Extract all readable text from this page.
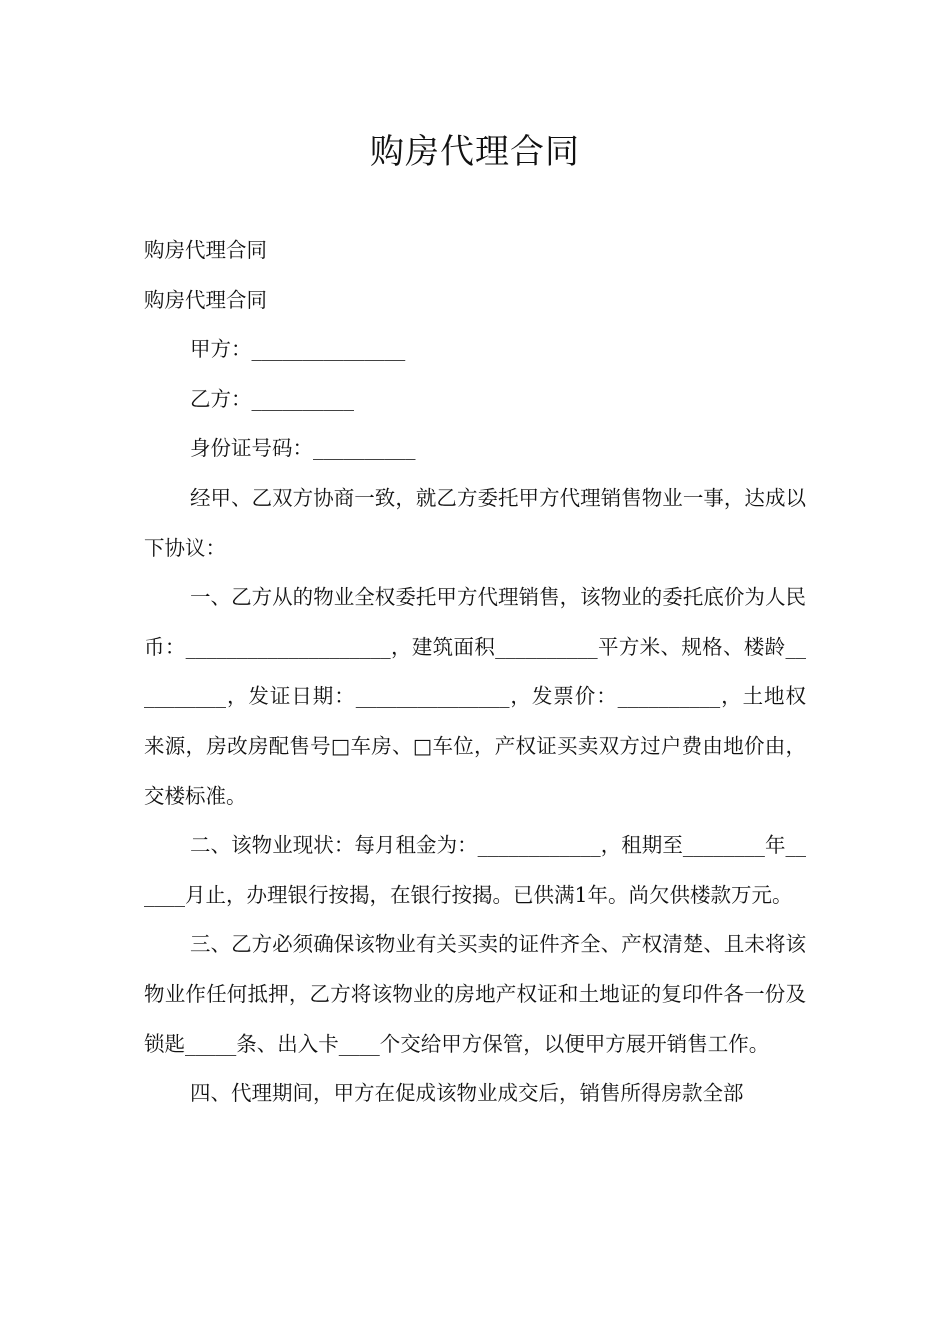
购房代理合同

购房代理合同

购房代理合同

甲方：_______________

乙方：__________

身份证号码：__________

经甲、乙双方协商一致，就乙方委托甲方代理销售物业一事，达成以下协议：

一、乙方从的物业全权委托甲方代理销售，该物业的委托底价为人民币：____________________，建筑面积__________平方米、规格、楼龄__________，发证日期：_______________，发票价：__________，土地权来源，房改房配售号□车房、□车位，产权证买卖双方过户费由地价由，交楼标准。

二、该物业现状：每月租金为：____________，租期至________年______月止，办理银行按揭，在银行按揭。已供满1年。尚欠供楼款万元。

三、乙方必须确保该物业有关买卖的证件齐全、产权清楚、且未将该物业作任何抵押，乙方将该物业的房地产权证和土地证的复印件各一份及锁匙_____条、出入卡____个交给甲方保管，以便甲方展开销售工作。

四、代理期间，甲方在促成该物业成交后，销售所得房款全部
